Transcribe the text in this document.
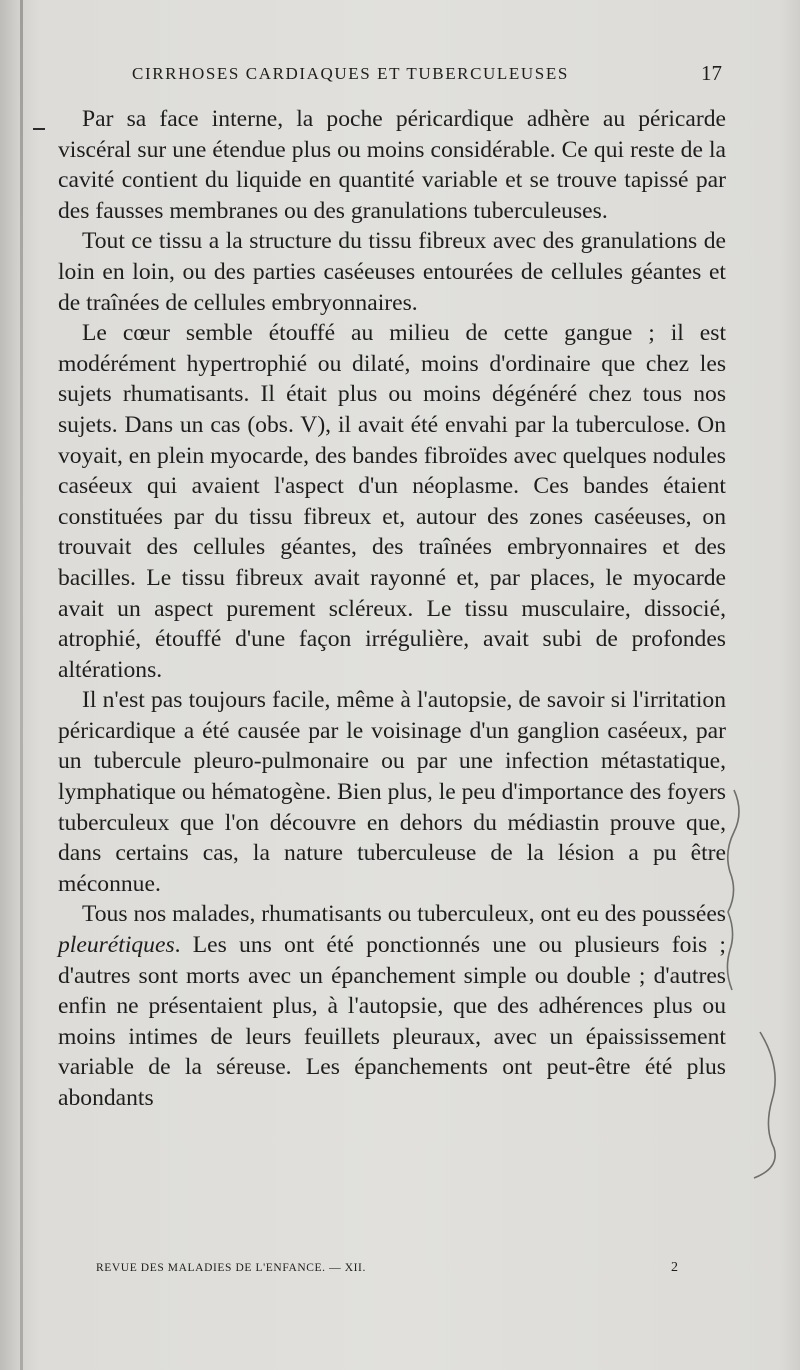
CIRRHOSES CARDIAQUES ET TUBERCULEUSES	17

Par sa face interne, la poche péricardique adhère au péricarde viscéral sur une étendue plus ou moins considérable. Ce qui reste de la cavité contient du liquide en quantité variable et se trouve tapissé par des fausses membranes ou des granulations tuberculeuses.

Tout ce tissu a la structure du tissu fibreux avec des granulations de loin en loin, ou des parties caséeuses entourées de cellules géantes et de traînées de cellules embryonnaires.

Le cœur semble étouffé au milieu de cette gangue ; il est modérément hypertrophié ou dilaté, moins d'ordinaire que chez les sujets rhumatisants. Il était plus ou moins dégénéré chez tous nos sujets. Dans un cas (obs. V), il avait été envahi par la tuberculose. On voyait, en plein myocarde, des bandes fibroïdes avec quelques nodules caséeux qui avaient l'aspect d'un néoplasme. Ces bandes étaient constituées par du tissu fibreux et, autour des zones caséeuses, on trouvait des cellules géantes, des traînées embryonnaires et des bacilles. Le tissu fibreux avait rayonné et, par places, le myocarde avait un aspect purement scléreux. Le tissu musculaire, dissocié, atrophié, étouffé d'une façon irrégulière, avait subi de profondes altérations.

Il n'est pas toujours facile, même à l'autopsie, de savoir si l'irritation péricardique a été causée par le voisinage d'un ganglion caséeux, par un tubercule pleuro-pulmonaire ou par une infection métastatique, lymphatique ou hématogène. Bien plus, le peu d'importance des foyers tuberculeux que l'on découvre en dehors du médiastin prouve que, dans certains cas, la nature tuberculeuse de la lésion a pu être méconnue.

Tous nos malades, rhumatisants ou tuberculeux, ont eu des poussées pleurétiques. Les uns ont été ponctionnés une ou plusieurs fois ; d'autres sont morts avec un épanchement simple ou double ; d'autres enfin ne présentaient plus, à l'autopsie, que des adhérences plus ou moins intimes de leurs feuillets pleuraux, avec un épaississement variable de la séreuse. Les épanchements ont peut-être été plus abondants

REVUE DES MALADIES DE L'ENFANCE. — XII.	2
